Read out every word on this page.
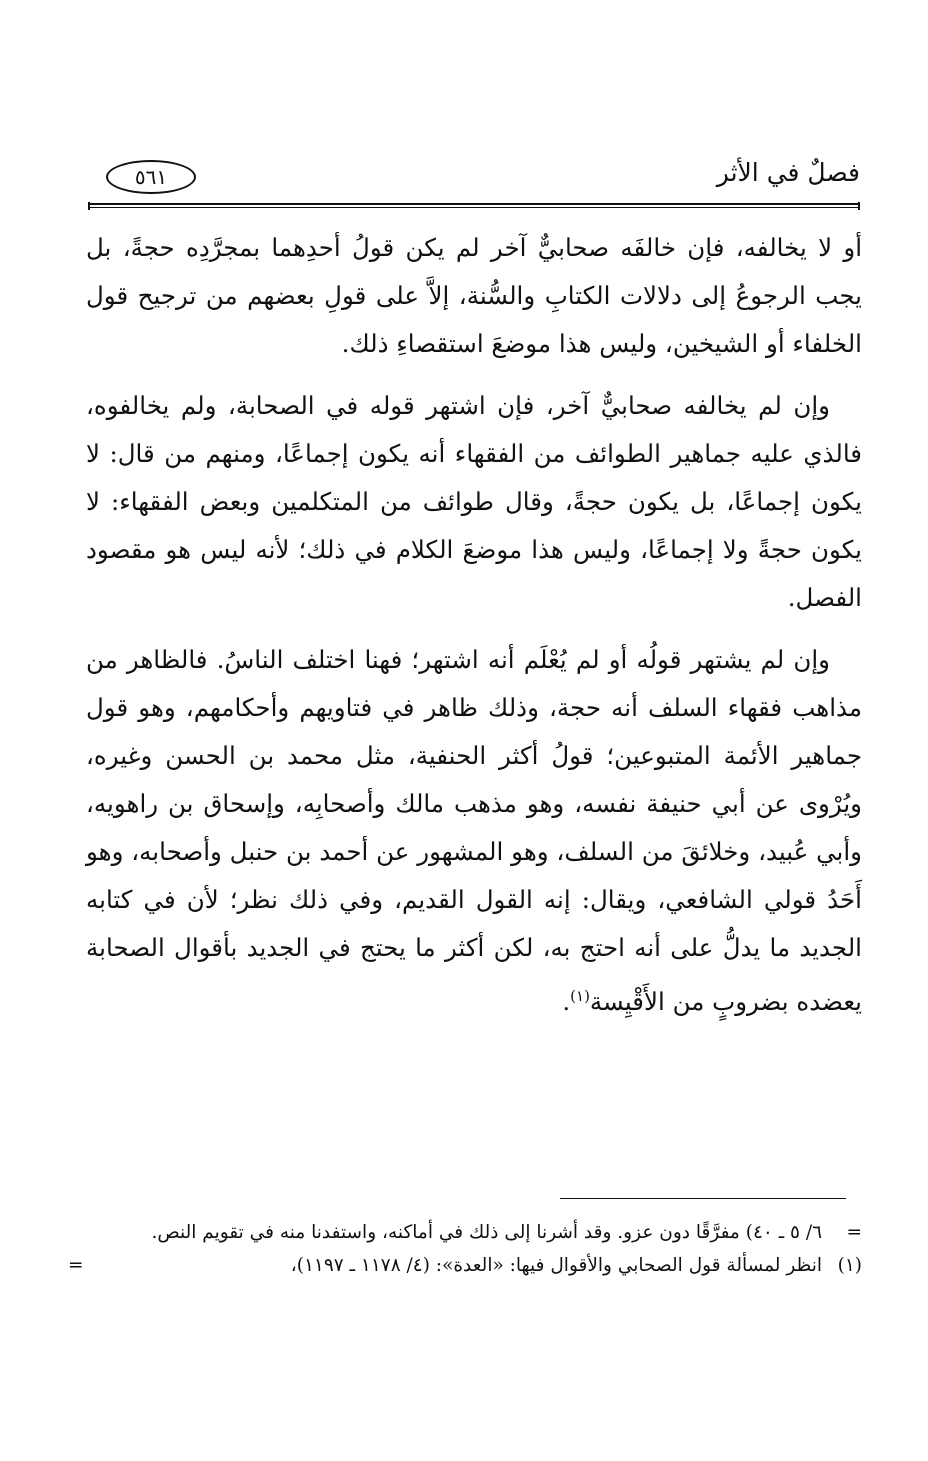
فصلٌ في الأثر
٥٦١

أو لا يخالفه، فإن خالفَه صحابيٌّ آخر لم يكن قولُ أحدِهما بمجرَّدِه حجةً، بل يجب الرجوعُ إلى دلالات الكتابِ والسُّنة، إلاَّ على قولِ بعضهم من ترجيح قول الخلفاء أو الشيخين، وليس هذا موضعَ استقصاءِ ذلك.

وإن لم يخالفه صحابيٌّ آخر، فإن اشتهر قوله في الصحابة، ولم يخالفوه، فالذي عليه جماهير الطوائف من الفقهاء أنه يكون إجماعًا، ومنهم من قال: لا يكون إجماعًا، بل يكون حجةً، وقال طوائف من المتكلمين وبعض الفقهاء: لا يكون حجةً ولا إجماعًا، وليس هذا موضعَ الكلام في ذلك؛ لأنه ليس هو مقصود الفصل.

وإن لم يشتهر قولُه أو لم يُعْلَم أنه اشتهر؛ فهنا اختلف الناسُ. فالظاهر من مذاهب فقهاء السلف أنه حجة، وذلك ظاهر في فتاويهم وأحكامهم، وهو قول جماهير الأئمة المتبوعين؛ قولُ أكثر الحنفية، مثل محمد بن الحسن وغيره، ويُرْوى عن أبي حنيفة نفسه، وهو مذهب مالك وأصحابِه، وإسحاق بن راهويه، وأبي عُبيد، وخلائقَ من السلف، وهو المشهور عن أحمد بن حنبل وأصحابه، وهو أَحَدُ قولي الشافعي، ويقال: إنه القول القديم، وفي ذلك نظر؛ لأن في كتابه الجديد ما يدلُّ على أنه احتج به، لكن أكثر ما يحتج في الجديد بأقوال الصحابة يعضده بضروبٍ من الأَقْيِسة$^{(١)}$.

=
٦/ ٥ ـ ٤٠) مفرَّقًا دون عزو. وقد أشرنا إلى ذلك في أماكنه، واستفدنا منه في تقويم النص.
(١)
انظر لمسألة قول الصحابي والأقوال فيها: «العدة»: (٤/ ١١٧٨ ـ ١١٩٧)،
=
